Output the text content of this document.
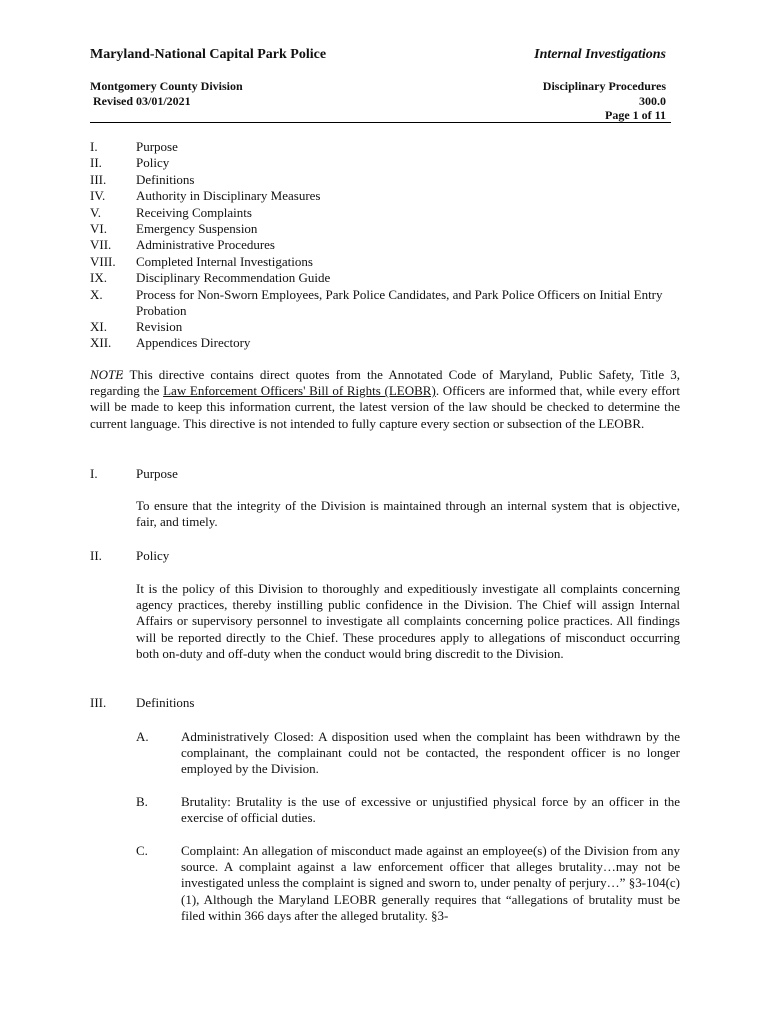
Maryland-National Capital Park Police	Internal Investigations
Montgomery County Division
Revised 03/01/2021
Disciplinary Procedures
300.0
Page 1 of 11
I.	Purpose
II.	Policy
III. Definitions
IV. Authority in Disciplinary Measures
V.	Receiving Complaints
VI. Emergency Suspension
VII. Administrative Procedures
VIII. Completed Internal Investigations
IX. Disciplinary Recommendation Guide
X.	Process for Non-Sworn Employees, Park Police Candidates, and Park Police Officers on Initial Entry Probation
XI. Revision
XII. Appendices Directory
NOTE
: This directive contains direct quotes from the Annotated Code of Maryland, Public Safety, Title 3, regarding the Law Enforcement Officers' Bill of Rights (LEOBR). Officers are informed that, while every effort will be made to keep this information current, the latest version of the law should be checked to determine the current language. This directive is not intended to fully capture every section or subsection of the LEOBR.
I.	Purpose
To ensure that the integrity of the Division is maintained through an internal system that is objective, fair, and timely.
II.	Policy
It is the policy of this Division to thoroughly and expeditiously investigate all complaints concerning agency practices, thereby instilling public confidence in the Division. The Chief will assign Internal Affairs or supervisory personnel to investigate all complaints concerning police practices. All findings will be reported directly to the Chief. These procedures apply to allegations of misconduct occurring both on-duty and off-duty when the conduct would bring discredit to the Division.
III. Definitions
A. Administratively Closed: A disposition used when the complaint has been withdrawn by the complainant, the complainant could not be contacted, the respondent officer is no longer employed by the Division.
B.	Brutality: Brutality is the use of excessive or unjustified physical force by an officer in the exercise of official duties.
C.	Complaint: An allegation of misconduct made against an employee(s) of the Division from any source. A complaint against a law enforcement officer that alleges brutality…may not be investigated unless the complaint is signed and sworn to, under penalty of perjury…” §3-104(c)(1), Although the Maryland LEOBR generally requires that “allegations of brutality must be filed within 366 days after the alleged brutality. §3-
